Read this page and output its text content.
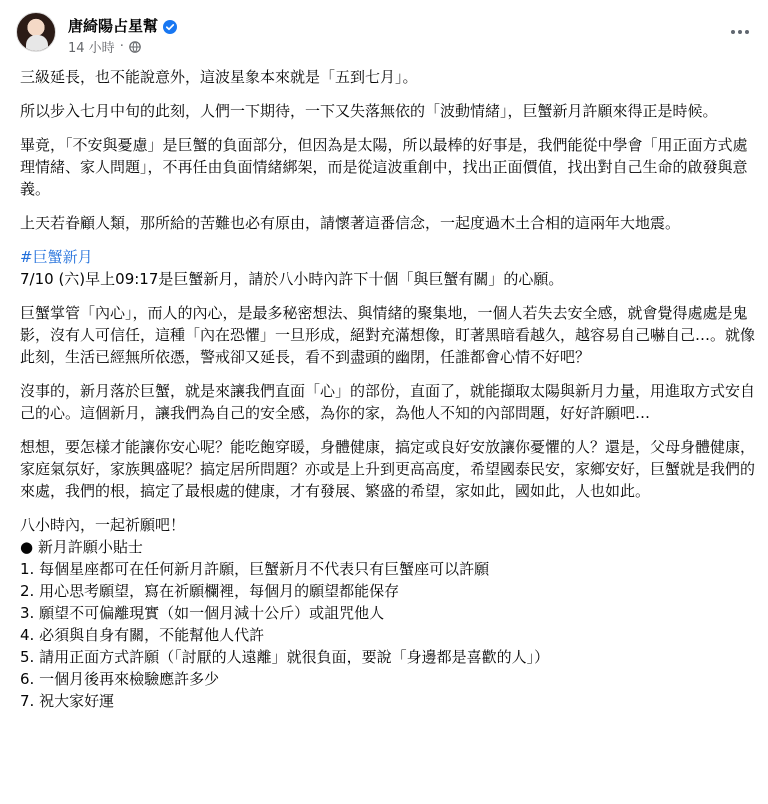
唐綺陽占星幫
14 小時 ·

三級延長，也不能說意外，這波星象本來就是「五到七月」。

所以步入七月中旬的此刻，人們一下期待，一下又失落無依的「波動情緒」，巨蟹新月許願來得正是時候。

畢竟，「不安與憂慮」是巨蟹的負面部分，但因為是太陽，所以最棒的好事是，我們能從中學會「用正面方式處理情緒、家人問題」，不再任由負面情緒綁架，而是從這波重創中，找出正面價值，找出對自己生命的啟發與意義。

上天若眷顧人類，那所給的苦難也必有原由，請懷著這番信念，一起度過木土合相的這兩年大地震。

#巨蟹新月

7/10 (六)早上09:17是巨蟹新月，請於八小時內許下十個「與巨蟹有關」的心願。

巨蟹掌管「內心」，而人的內心，是最多秘密想法、與情緒的聚集地，一個人若失去安全感，就會覺得處處是鬼影，沒有人可信任，這種「內在恐懼」一旦形成，絕對充滿想像，盯著黑暗看越久，越容易自己嚇自己…。就像此刻，生活已經無所依憑，警戒卻又延長，看不到盡頭的幽閉，任誰都會心情不好吧？

沒事的，新月落於巨蟹，就是來讓我們直面「心」的部份，直面了，就能擷取太陽與新月力量，用進取方式安自己的心。這個新月，讓我們為自己的安全感，為你的家，為他人不知的內部問題，好好許願吧…

想想，要怎樣才能讓你安心呢？能吃飽穿暖，身體健康，搞定或良好安放讓你憂懼的人？還是，父母身體健康，家庭氣氛好，家族興盛呢？搞定居所問題？亦或是上升到更高高度，希望國泰民安，家鄉安好，巨蟹就是我們的來處，我們的根，搞定了最根處的健康，才有發展、繁盛的希望，家如此，國如此，人也如此。

八小時內，一起祈願吧！
● 新月許願小貼士
1. 每個星座都可在任何新月許願，巨蟹新月不代表只有巨蟹座可以許願
2. 用心思考願望，寫在祈願欄裡，每個月的願望都能保存
3. 願望不可偏離現實（如一個月減十公斤）或詛咒他人
4. 必須與自身有關，不能幫他人代許
5. 請用正面方式許願（「討厭的人遠離」就很負面，要說「身邊都是喜歡的人」）
6. 一個月後再來檢驗應許多少
7. 祝大家好運
